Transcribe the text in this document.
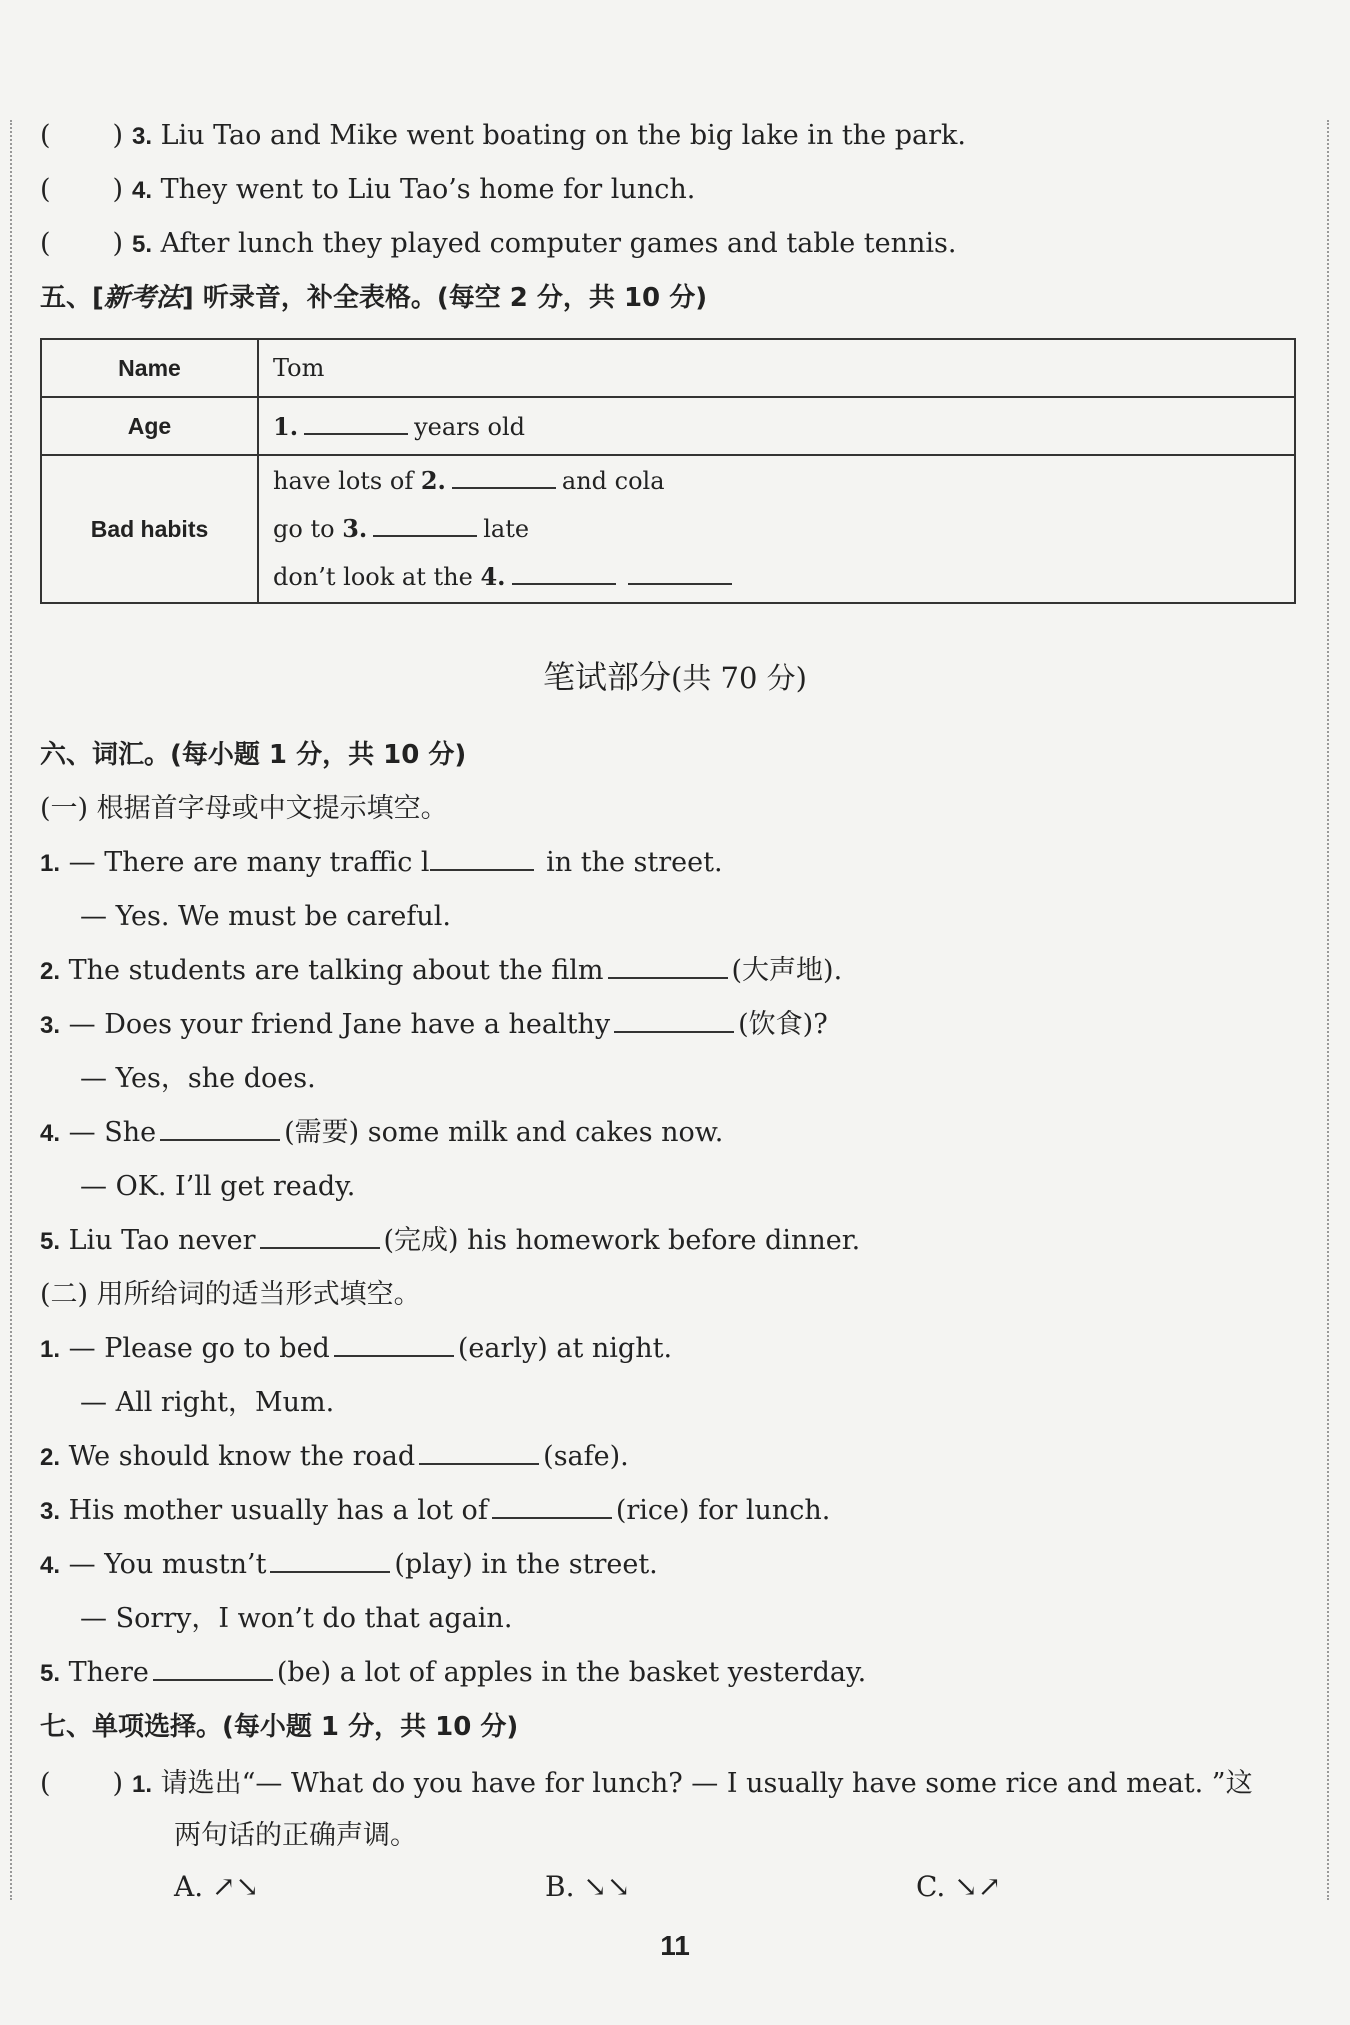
( ) 3. Liu Tao and Mike went boating on the big lake in the park.
( ) 4. They went to Liu Tao’s home for lunch.
( ) 5. After lunch they played computer games and table tennis.
五、[新考法] 听录音，补全表格。(每空 2 分，共 10 分)
Name	Tom
Age	1. years old
Bad habits	have lots of 2. and cola
go to 3. late
don’t look at the 4.
笔试部分(共 70 分)
六、词汇。(每小题 1 分，共 10 分)
(一) 根据首字母或中文提示填空。
1. — There are many traffic l	in the street.
— Yes. We must be careful.
2. The students are talking about the film	(大声地).
3. — Does your friend Jane have a healthy	(饮食)?
— Yes，she does.
4. — She	(需要) some milk and cakes now.
— OK. I’ll get ready.
5. Liu Tao never	(完成) his homework before dinner.
(二) 用所给词的适当形式填空。
1. — Please go to bed	(early) at night.
— All right，Mum.
2. We should know the road	(safe).
3. His mother usually has a lot of	(rice) for lunch.
4. — You mustn’t	(play) in the street.
— Sorry，I won’t do that again.
5. There	(be) a lot of apples in the basket yesterday.
七、单项选择。(每小题 1 分，共 10 分)
( ) 1. 请选出“— What do you have for lunch? — I usually have some rice and meat. ”这
两句话的正确声调。
A. ↗↘	B. ↘↘	C. ↘↗
11
